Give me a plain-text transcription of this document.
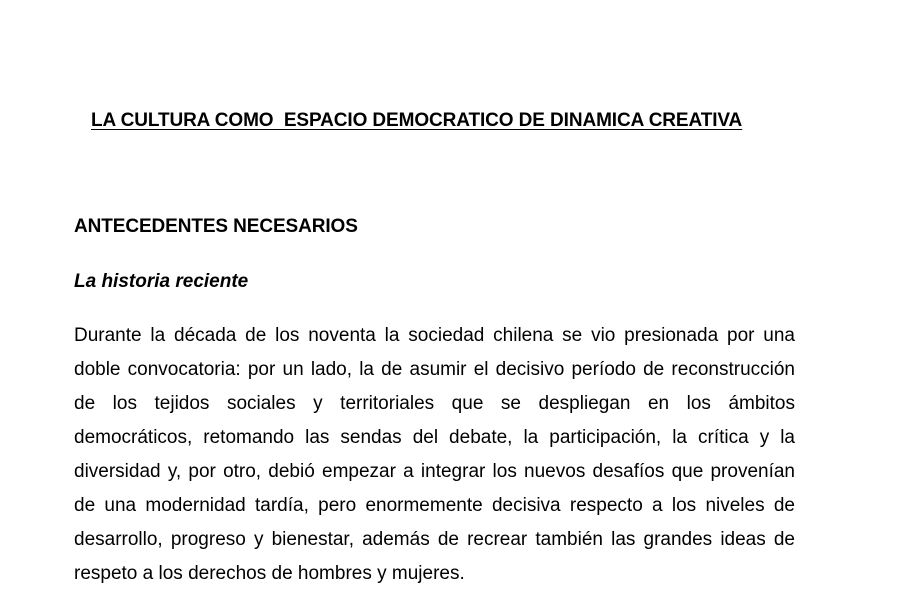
LA CULTURA COMO  ESPACIO DEMOCRATICO DE DINAMICA CREATIVA
ANTECEDENTES NECESARIOS
La historia reciente
Durante la década de los noventa la sociedad chilena se vio presionada por una
doble convocatoria: por un lado, la de asumir el decisivo período de reconstrucción
de los tejidos sociales y territoriales que se despliegan en los ámbitos
democráticos, retomando las sendas del debate, la participación, la crítica y la
diversidad y, por otro, debió empezar a integrar los nuevos desafíos que provenían
de una modernidad tardía, pero enormemente decisiva respecto a los niveles de
desarrollo, progreso y bienestar, además de recrear también las grandes ideas de
respeto a los derechos de hombres y mujeres.
